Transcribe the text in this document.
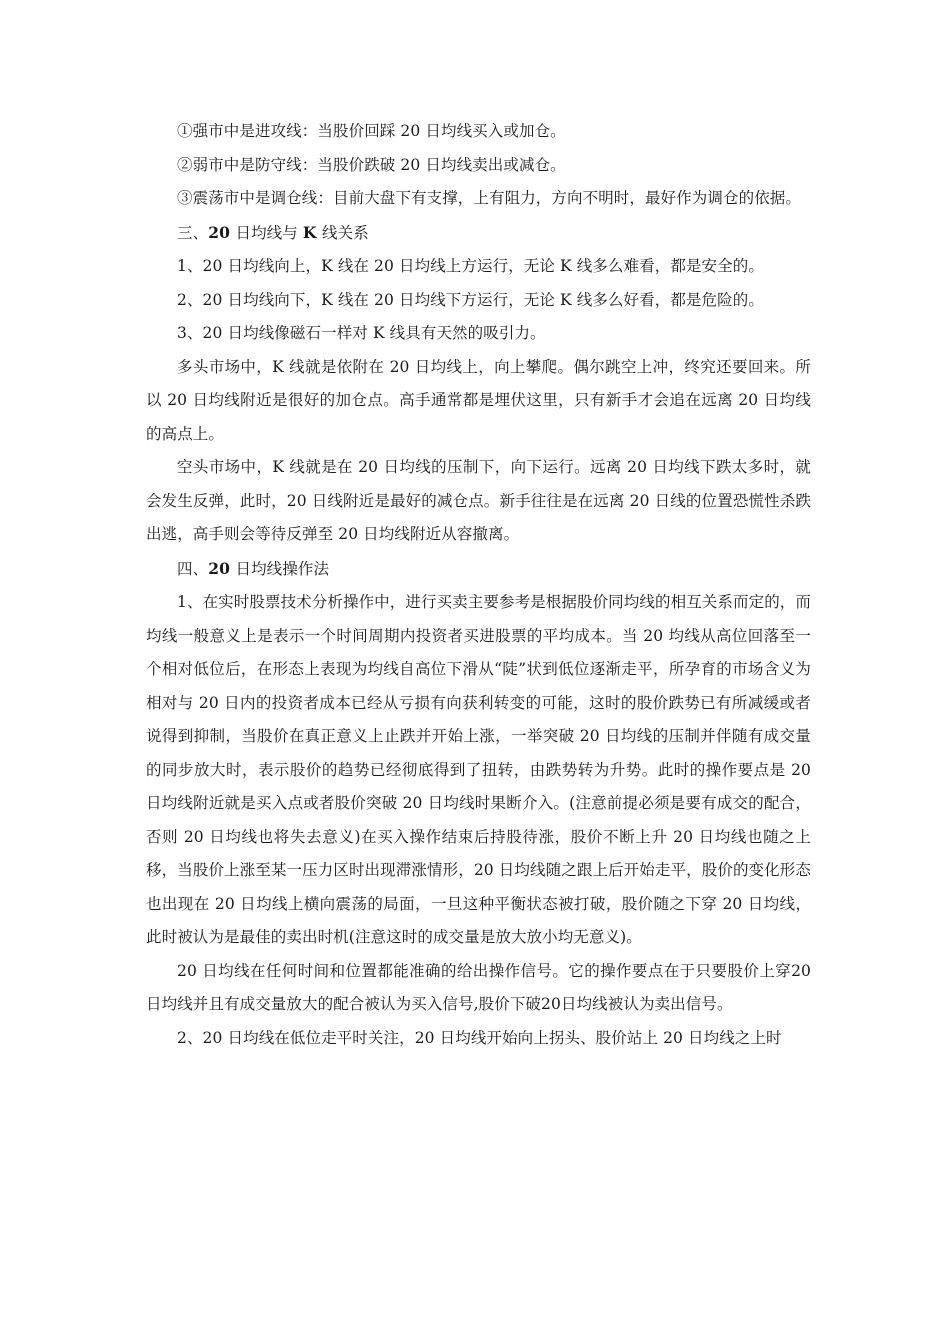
①强市中是进攻线：当股价回踩 20 日均线买入或加仓。

②弱市中是防守线：当股价跌破 20 日均线卖出或减仓。

③震荡市中是调仓线：目前大盘下有支撑，上有阻力，方向不明时，最好作为调仓的依据。

三、20 日均线与 K 线关系

1、20 日均线向上，K 线在 20 日均线上方运行，无论 K 线多么难看，都是安全的。

2、20 日均线向下，K 线在 20 日均线下方运行，无论 K 线多么好看，都是危险的。

3、20 日均线像磁石一样对 K 线具有天然的吸引力。

多头市场中，K 线就是依附在 20 日均线上，向上攀爬。偶尔跳空上冲，终究还要回来。所以 20 日均线附近是很好的加仓点。高手通常都是埋伏这里，只有新手才会追在远离 20 日均线的高点上。

空头市场中，K 线就是在 20 日均线的压制下，向下运行。远离 20 日均线下跌太多时，就会发生反弹，此时，20 日线附近是最好的减仓点。新手往往是在远离 20 日线的位置恐慌性杀跌出逃，高手则会等待反弹至 20 日均线附近从容撤离。

四、20 日均线操作法

1、在实时股票技术分析操作中，进行买卖主要参考是根据股价同均线的相互关系而定的，而均线一般意义上是表示一个时间周期内投资者买进股票的平均成本。当 20 均线从高位回落至一个相对低位后，在形态上表现为均线自高位下滑从“陡”状到低位逐渐走平，所孕育的市场含义为相对与 20 日内的投资者成本已经从亏损有向获利转变的可能，这时的股价跌势已有所减缓或者说得到抑制，当股价在真正意义上止跌并开始上涨，一举突破 20 日均线的压制并伴随有成交量的同步放大时，表示股价的趋势已经彻底得到了扭转，由跌势转为升势。此时的操作要点是 20 日均线附近就是买入点或者股价突破 20 日均线时果断介入。(注意前提必须是要有成交的配合，否则 20 日均线也将失去意义)在买入操作结束后持股待涨，股价不断上升 20 日均线也随之上移，当股价上涨至某一压力区时出现滞涨情形，20 日均线随之跟上后开始走平，股价的变化形态也出现在 20 日均线上横向震荡的局面，一旦这种平衡状态被打破，股价随之下穿 20 日均线，此时被认为是最佳的卖出时机(注意这时的成交量是放大放小均无意义)。

20 日均线在任何时间和位置都能准确的给出操作信号。它的操作要点在于只要股价上穿20日均线并且有成交量放大的配合被认为买入信号,股价下破20日均线被认为卖出信号。

2、20 日均线在低位走平时关注，20 日均线开始向上拐头、股价站上 20 日均线之上时
